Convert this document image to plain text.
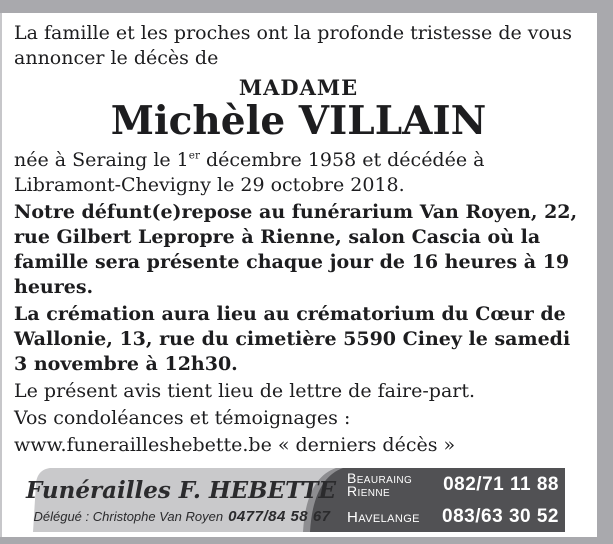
La famille et les proches ont la profonde tristesse de vous annoncer le décès de

MADAME
Michèle VILLAIN

née à Seraing le 1er décembre 1958 et décédée à Libramont-Chevigny le 29 octobre 2018.

Notre défunt(e)repose au funérarium Van Royen, 22, rue Gilbert Lepropre à Rienne, salon Cascia où la famille sera présente chaque jour de 16 heures à 19 heures.

La crémation aura lieu au crématorium du Cœur de Wallonie, 13, rue du cimetière 5590 Ciney le samedi 3 novembre à 12h30.

Le présent avis tient lieu de lettre de faire-part.

Vos condoléances et témoignages :

www.funerailleshebette.be « derniers décès »

Funérailles F. HEBETTE
Délégué : Christophe Van Royen 0477/84 58 67
Beauraing
Rienne	082/71 11 88
Havelange 083/63 30 52
